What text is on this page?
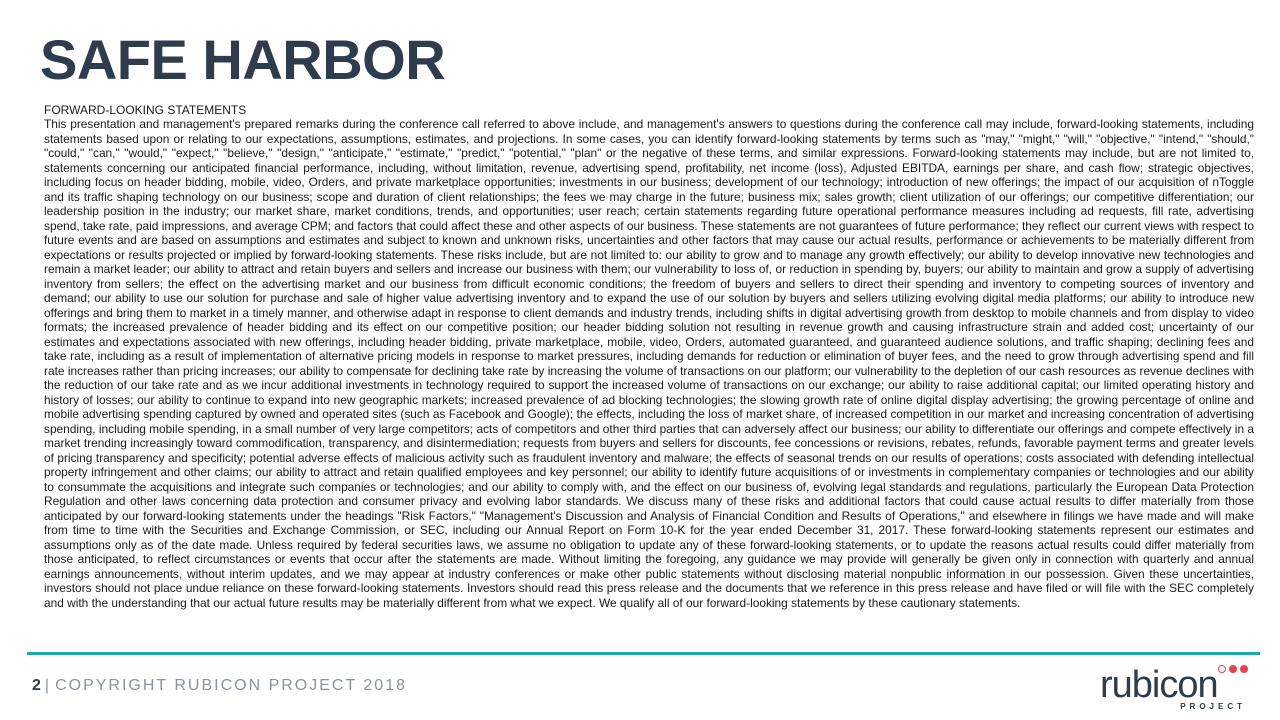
SAFE HARBOR
FORWARD-LOOKING STATEMENTS

This presentation and management's prepared remarks during the conference call referred to above include, and management's answers to questions during the conference call may include, forward-looking statements, including statements based upon or relating to our expectations, assumptions, estimates, and projections. In some cases, you can identify forward-looking statements by terms such as "may," "might," "will," "objective," "intend," "should," "could," "can," "would," "expect," "believe," "design," "anticipate," "estimate," "predict," "potential," "plan" or the negative of these terms, and similar expressions. Forward-looking statements may include, but are not limited to, statements concerning our anticipated financial performance, including, without limitation, revenue, advertising spend, profitability, net income (loss), Adjusted EBITDA, earnings per share, and cash flow; strategic objectives, including focus on header bidding, mobile, video, Orders, and private marketplace opportunities; investments in our business; development of our technology; introduction of new offerings; the impact of our acquisition of nToggle and its traffic shaping technology on our business; scope and duration of client relationships; the fees we may charge in the future; business mix; sales growth; client utilization of our offerings; our competitive differentiation; our leadership position in the industry; our market share, market conditions, trends, and opportunities; user reach; certain statements regarding future operational performance measures including ad requests, fill rate, advertising spend, take rate, paid impressions, and average CPM; and factors that could affect these and other aspects of our business. These statements are not guarantees of future performance; they reflect our current views with respect to future events and are based on assumptions and estimates and subject to known and unknown risks, uncertainties and other factors that may cause our actual results, performance or achievements to be materially different from expectations or results projected or implied by forward-looking statements. These risks include, but are not limited to: our ability to grow and to manage any growth effectively; our ability to develop innovative new technologies and remain a market leader; our ability to attract and retain buyers and sellers and increase our business with them; our vulnerability to loss of, or reduction in spending by, buyers; our ability to maintain and grow a supply of advertising inventory from sellers; the effect on the advertising market and our business from difficult economic conditions; the freedom of buyers and sellers to direct their spending and inventory to competing sources of inventory and demand; our ability to use our solution for purchase and sale of higher value advertising inventory and to expand the use of our solution by buyers and sellers utilizing evolving digital media platforms; our ability to introduce new offerings and bring them to market in a timely manner, and otherwise adapt in response to client demands and industry trends, including shifts in digital advertising growth from desktop to mobile channels and from display to video formats; the increased prevalence of header bidding and its effect on our competitive position; our header bidding solution not resulting in revenue growth and causing infrastructure strain and added cost; uncertainty of our estimates and expectations associated with new offerings, including header bidding, private marketplace, mobile, video, Orders, automated guaranteed, and guaranteed audience solutions, and traffic shaping; declining fees and take rate, including as a result of implementation of alternative pricing models in response to market pressures, including demands for reduction or elimination of buyer fees, and the need to grow through advertising spend and fill rate increases rather than pricing increases; our ability to compensate for declining take rate by increasing the volume of transactions on our platform; our vulnerability to the depletion of our cash resources as revenue declines with the reduction of our take rate and as we incur additional investments in technology required to support the increased volume of transactions on our exchange; our ability to raise additional capital; our limited operating history and history of losses; our ability to continue to expand into new geographic markets; increased prevalence of ad blocking technologies; the slowing growth rate of online digital display advertising; the growing percentage of online and mobile advertising spending captured by owned and operated sites (such as Facebook and Google); the effects, including the loss of market share, of increased competition in our market and increasing concentration of advertising spending, including mobile spending, in a small number of very large competitors; acts of competitors and other third parties that can adversely affect our business; our ability to differentiate our offerings and compete effectively in a market trending increasingly toward commodification, transparency, and disintermediation; requests from buyers and sellers for discounts, fee concessions or revisions, rebates, refunds, favorable payment terms and greater levels of pricing transparency and specificity; potential adverse effects of malicious activity such as fraudulent inventory and malware; the effects of seasonal trends on our results of operations; costs associated with defending intellectual property infringement and other claims; our ability to attract and retain qualified employees and key personnel; our ability to identify future acquisitions of or investments in complementary companies or technologies and our ability to consummate the acquisitions and integrate such companies or technologies; and our ability to comply with, and the effect on our business of, evolving legal standards and regulations, particularly the European Data Protection Regulation and other laws concerning data protection and consumer privacy and evolving labor standards. We discuss many of these risks and additional factors that could cause actual results to differ materially from those anticipated by our forward-looking statements under the headings "Risk Factors," "Management's Discussion and Analysis of Financial Condition and Results of Operations," and elsewhere in filings we have made and will make from time to time with the Securities and Exchange Commission, or SEC, including our Annual Report on Form 10-K for the year ended December 31, 2017. These forward-looking statements represent our estimates and assumptions only as of the date made. Unless required by federal securities laws, we assume no obligation to update any of these forward-looking statements, or to update the reasons actual results could differ materially from those anticipated, to reflect circumstances or events that occur after the statements are made. Without limiting the foregoing, any guidance we may provide will generally be given only in connection with quarterly and annual earnings announcements, without interim updates, and we may appear at industry conferences or make other public statements without disclosing material nonpublic information in our possession. Given these uncertainties, investors should not place undue reliance on these forward-looking statements. Investors should read this press release and the documents that we reference in this press release and have filed or will file with the SEC completely and with the understanding that our actual future results may be materially different from what we expect. We qualify all of our forward-looking statements by these cautionary statements.

2 | COPYRIGHT RUBICON PROJECT 2018	rubicon
PROJECT
